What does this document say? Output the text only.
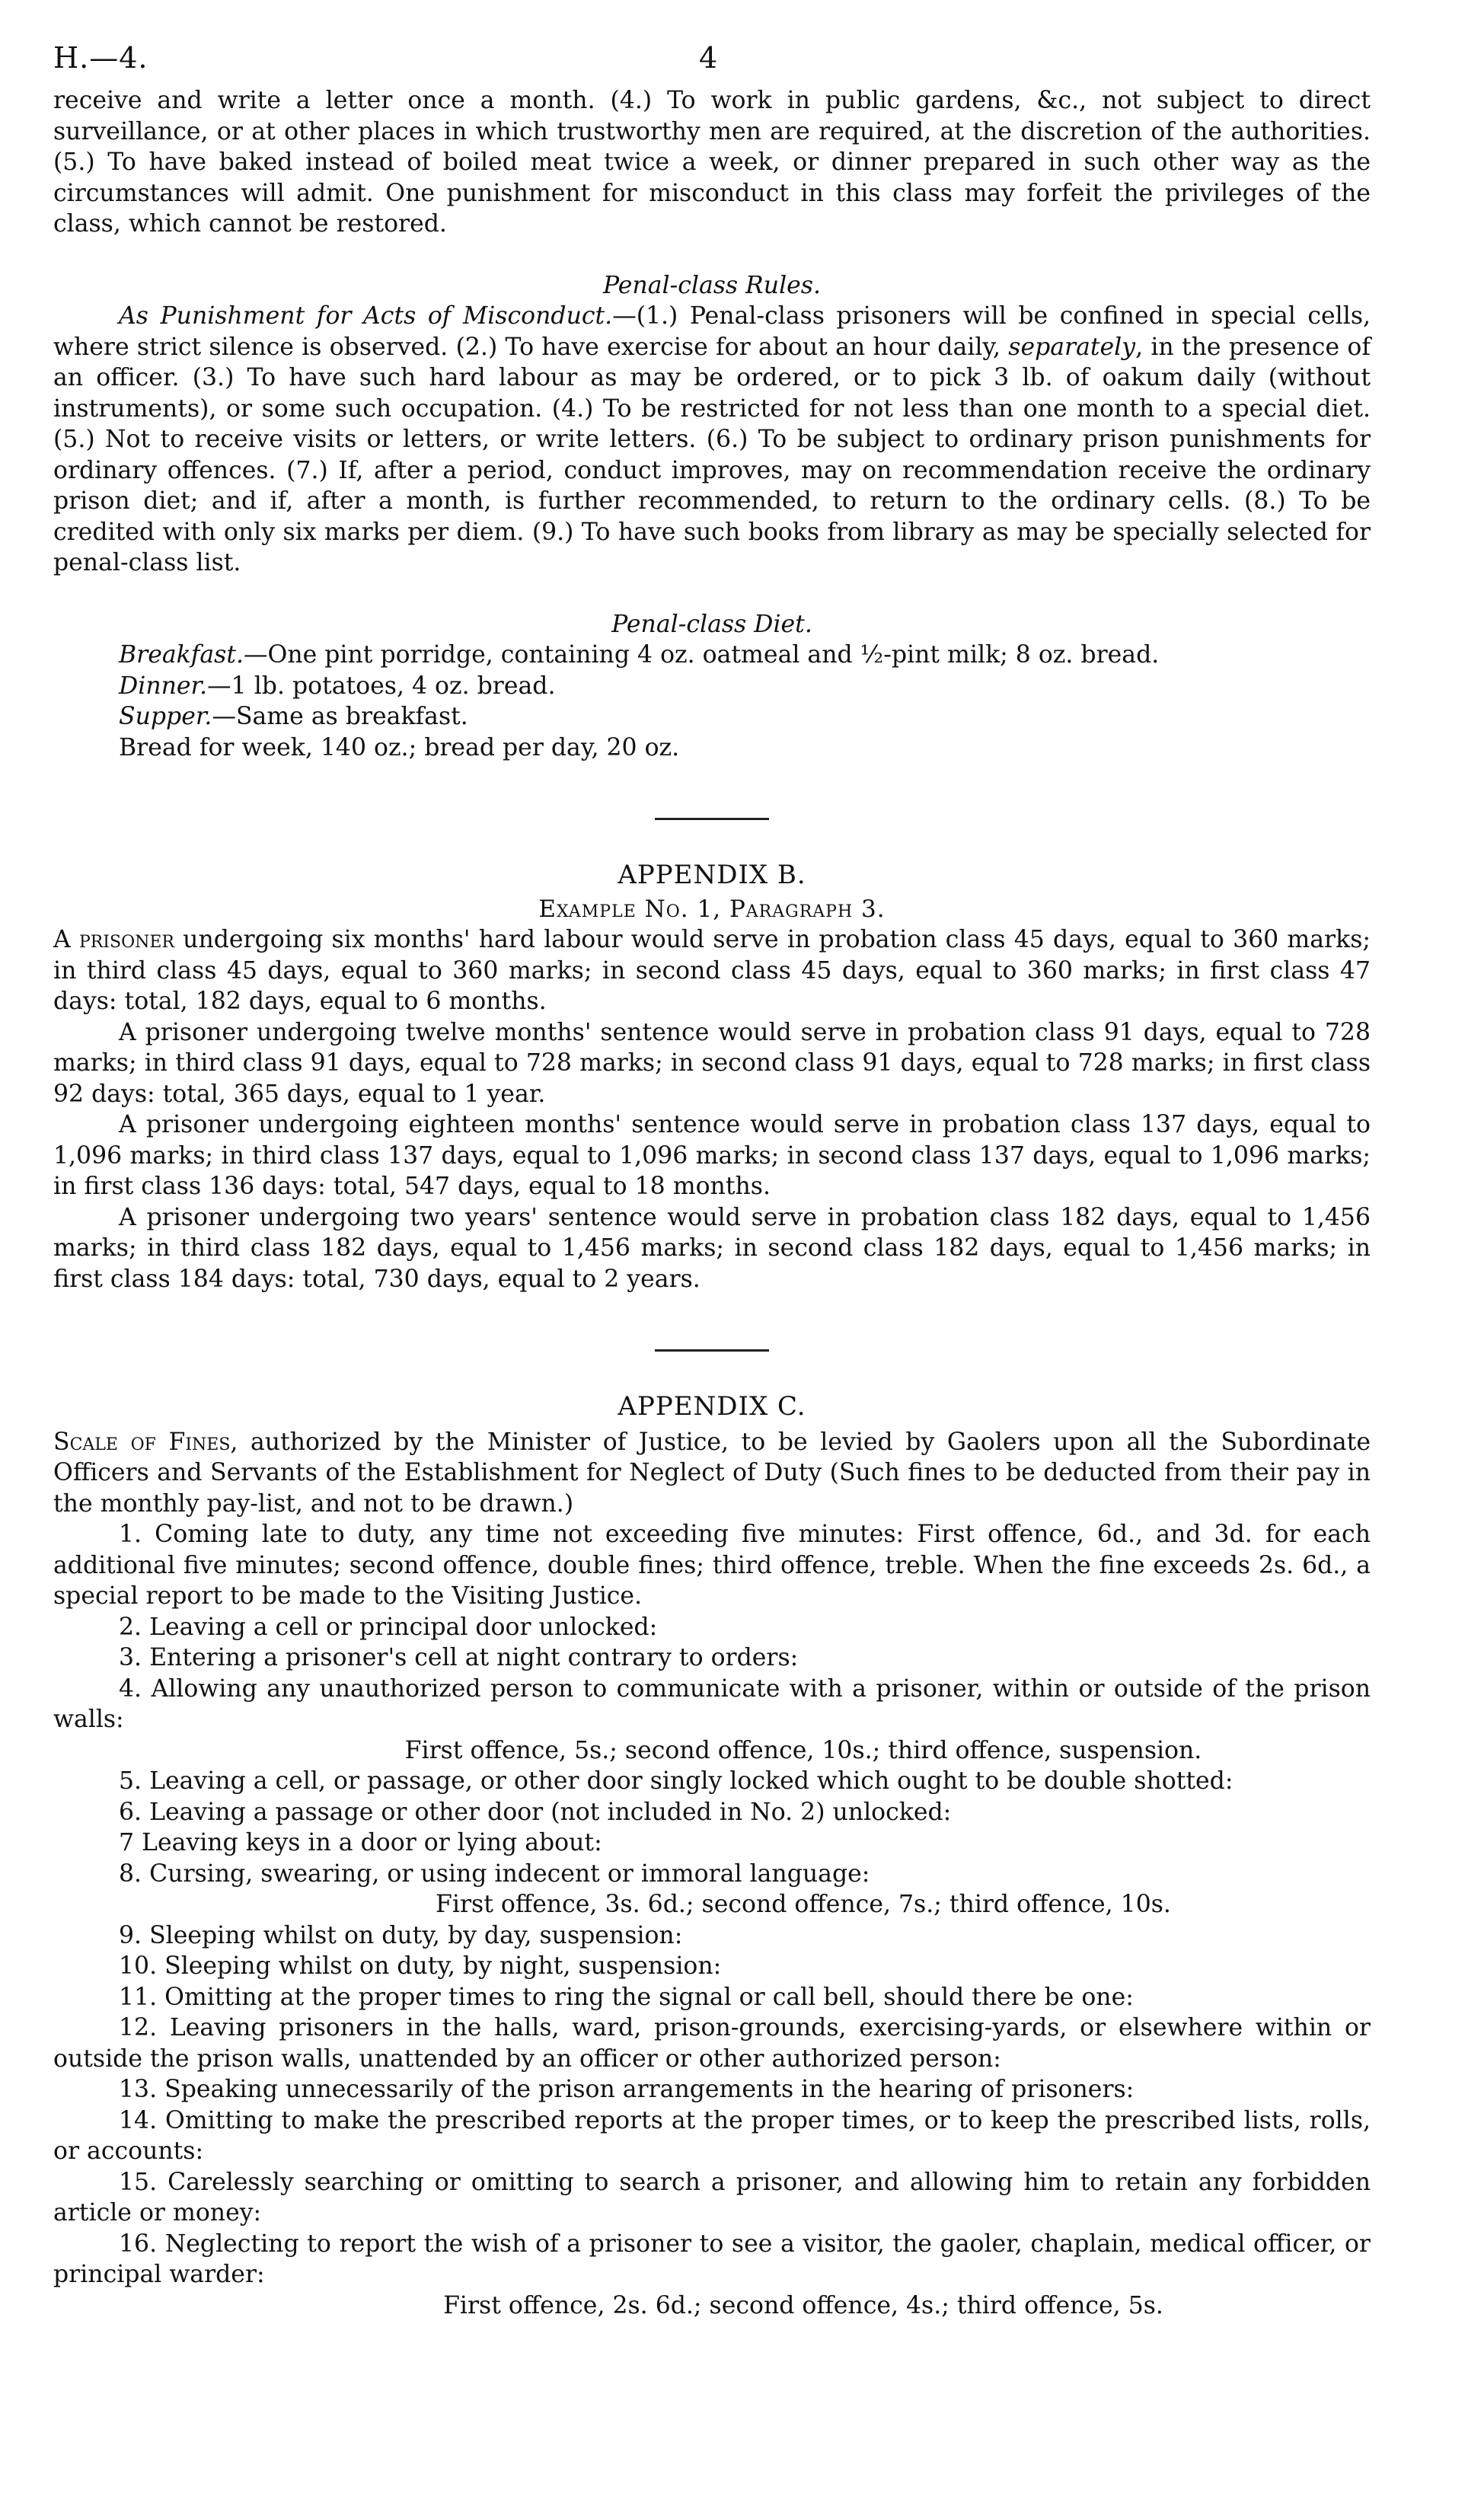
H.—4.	4

receive and write a letter once a month. (4.) To work in public gardens, &c., not subject to direct surveillance, or at other places in which trustworthy men are required, at the discretion of the authorities. (5.) To have baked instead of boiled meat twice a week, or dinner prepared in such other way as the circumstances will admit. One punishment for misconduct in this class may forfeit the privileges of the class, which cannot be restored.

Penal-class Rules.

As Punishment for Acts of Misconduct.—(1.) Penal-class prisoners will be confined in special cells, where strict silence is observed. (2.) To have exercise for about an hour daily, separately, in the presence of an officer. (3.) To have such hard labour as may be ordered, or to pick 3 lb. of oakum daily (without instruments), or some such occupation. (4.) To be restricted for not less than one month to a special diet. (5.) Not to receive visits or letters, or write letters. (6.) To be subject to ordinary prison punishments for ordinary offences. (7.) If, after a period, conduct improves, may on recommendation receive the ordinary prison diet; and if, after a month, is further recommended, to return to the ordinary cells. (8.) To be credited with only six marks per diem. (9.) To have such books from library as may be specially selected for penal-class list.

Penal-class Diet.

Breakfast.—One pint porridge, containing 4 oz. oatmeal and ½-pint milk; 8 oz. bread.
Dinner.—1 lb. potatoes, 4 oz. bread.
Supper.—Same as breakfast.
Bread for week, 140 oz.; bread per day, 20 oz.

APPENDIX B.

Example No. 1, Paragraph 3.

A prisoner undergoing six months' hard labour would serve in probation class 45 days, equal to 360 marks; in third class 45 days, equal to 360 marks; in second class 45 days, equal to 360 marks; in first class 47 days: total, 182 days, equal to 6 months.

A prisoner undergoing twelve months' sentence would serve in probation class 91 days, equal to 728 marks; in third class 91 days, equal to 728 marks; in second class 91 days, equal to 728 marks; in first class 92 days: total, 365 days, equal to 1 year.

A prisoner undergoing eighteen months' sentence would serve in probation class 137 days, equal to 1,096 marks; in third class 137 days, equal to 1,096 marks; in second class 137 days, equal to 1,096 marks; in first class 136 days: total, 547 days, equal to 18 months.

A prisoner undergoing two years' sentence would serve in probation class 182 days, equal to 1,456 marks; in third class 182 days, equal to 1,456 marks; in second class 182 days, equal to 1,456 marks; in first class 184 days: total, 730 days, equal to 2 years.

APPENDIX C.

Scale of Fines, authorized by the Minister of Justice, to be levied by Gaolers upon all the Subordinate Officers and Servants of the Establishment for Neglect of Duty (Such fines to be deducted from their pay in the monthly pay-list, and not to be drawn.)

1. Coming late to duty, any time not exceeding five minutes: First offence, 6d., and 3d. for each additional five minutes; second offence, double fines; third offence, treble. When the fine exceeds 2s. 6d., a special report to be made to the Visiting Justice.

2. Leaving a cell or principal door unlocked:

3. Entering a prisoner's cell at night contrary to orders:

4. Allowing any unauthorized person to communicate with a prisoner, within or outside of the prison walls:

First offence, 5s.; second offence, 10s.; third offence, suspension.

5. Leaving a cell, or passage, or other door singly locked which ought to be double shotted:

6. Leaving a passage or other door (not included in No. 2) unlocked:

7 Leaving keys in a door or lying about:

8. Cursing, swearing, or using indecent or immoral language:

First offence, 3s. 6d.; second offence, 7s.; third offence, 10s.

9. Sleeping whilst on duty, by day, suspension:

10. Sleeping whilst on duty, by night, suspension:

11. Omitting at the proper times to ring the signal or call bell, should there be one:

12. Leaving prisoners in the halls, ward, prison-grounds, exercising-yards, or elsewhere within or outside the prison walls, unattended by an officer or other authorized person:

13. Speaking unnecessarily of the prison arrangements in the hearing of prisoners:

14. Omitting to make the prescribed reports at the proper times, or to keep the prescribed lists, rolls, or accounts:

15. Carelessly searching or omitting to search a prisoner, and allowing him to retain any forbidden article or money:

16. Neglecting to report the wish of a prisoner to see a visitor, the gaoler, chaplain, medical officer, or principal warder:

First offence, 2s. 6d.; second offence, 4s.; third offence, 5s.
